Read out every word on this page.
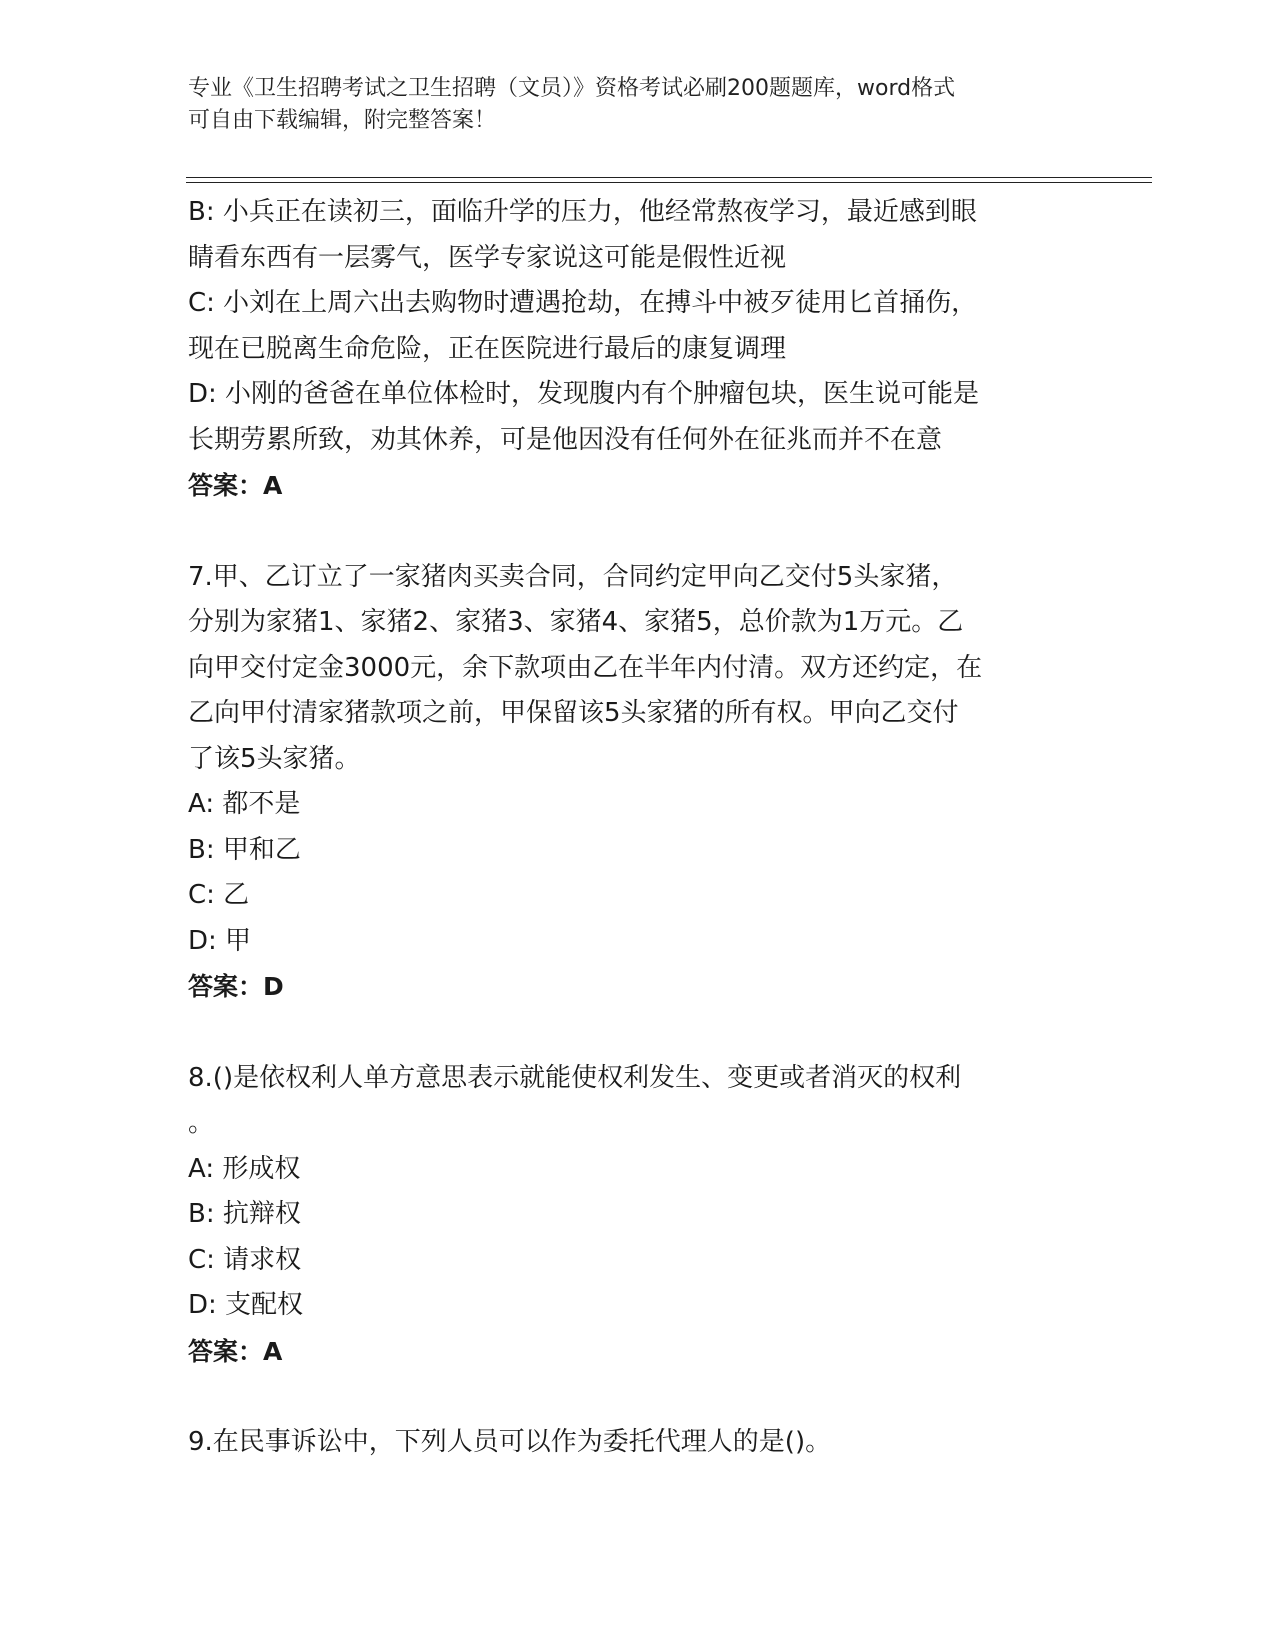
专业《卫生招聘考试之卫生招聘（文员）》资格考试必刷200题题库，word格式
可自由下载编辑，附完整答案！
B: 小兵正在读初三，面临升学的压力，他经常熬夜学习，最近感到眼
睛看东西有一层雾气，医学专家说这可能是假性近视
C: 小刘在上周六出去购物时遭遇抢劫，在搏斗中被歹徒用匕首捅伤，
现在已脱离生命危险，正在医院进行最后的康复调理
D: 小刚的爸爸在单位体检时，发现腹内有个肿瘤包块，医生说可能是
长期劳累所致，劝其休养，可是他因没有任何外在征兆而并不在意
答案：A
7.甲、乙订立了一家猪肉买卖合同，合同约定甲向乙交付5头家猪，
分别为家猪1、家猪2、家猪3、家猪4、家猪5，总价款为1万元。乙
向甲交付定金3000元，余下款项由乙在半年内付清。双方还约定，在
乙向甲付清家猪款项之前，甲保留该5头家猪的所有权。甲向乙交付
了该5头家猪。
A: 都不是
B: 甲和乙
C: 乙
D: 甲
答案：D
8.()是依权利人单方意思表示就能使权利发生、变更或者消灭的权利
。
A: 形成权
B: 抗辩权
C: 请求权
D: 支配权
答案：A
9.在民事诉讼中，下列人员可以作为委托代理人的是()。
